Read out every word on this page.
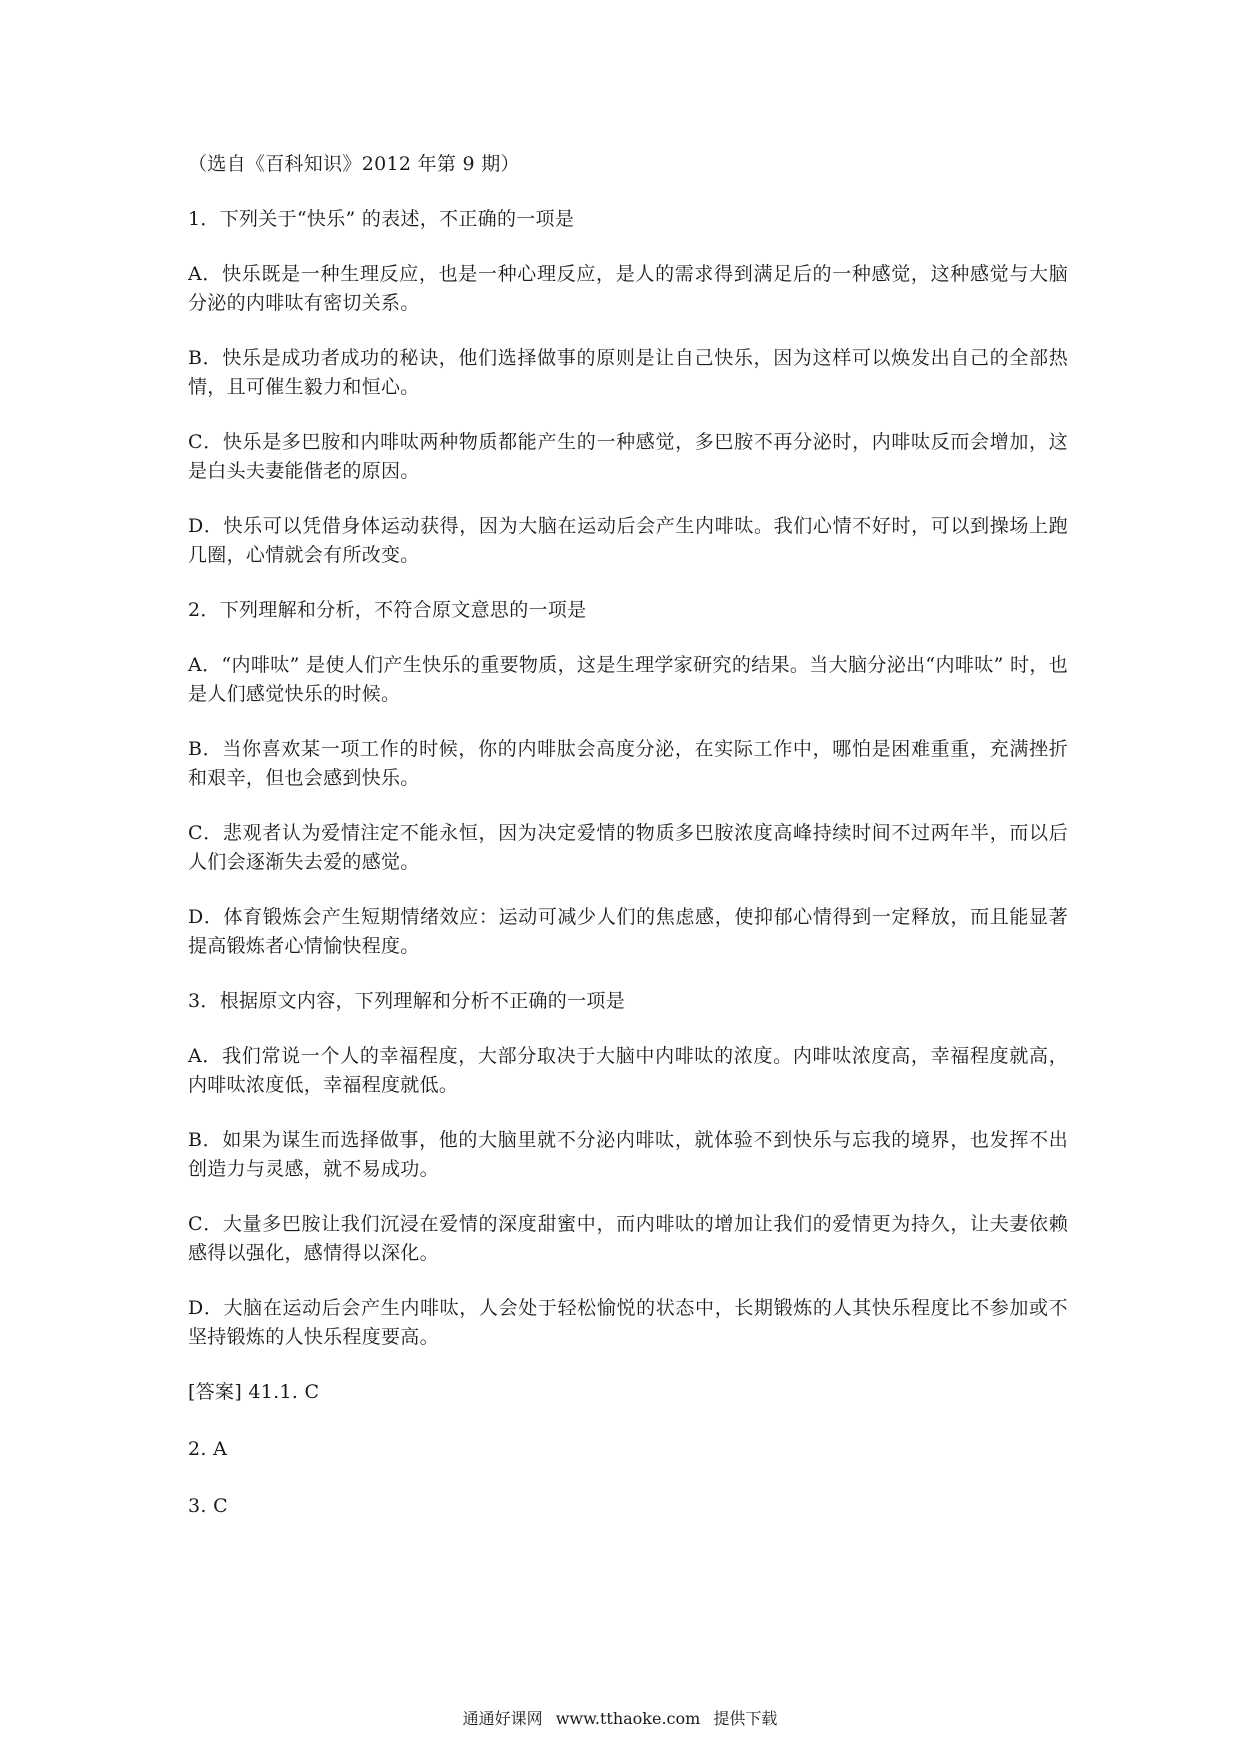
（选自《百科知识》2012 年第 9 期）

1．下列关于“快乐” 的表述，不正确的一项是

A．快乐既是一种生理反应，也是一种心理反应，是人的需求得到满足后的一种感觉，这种感觉与大脑分泌的内啡呔有密切关系。

B．快乐是成功者成功的秘诀，他们选择做事的原则是让自己快乐，因为这样可以焕发出自己的全部热情，且可催生毅力和恒心。

C．快乐是多巴胺和内啡呔两种物质都能产生的一种感觉，多巴胺不再分泌时，内啡呔反而会增加，这是白头夫妻能偕老的原因。

D．快乐可以凭借身体运动获得，因为大脑在运动后会产生内啡呔。我们心情不好时，可以到操场上跑几圈，心情就会有所改变。

2．下列理解和分析，不符合原文意思的一项是

A．“内啡呔” 是使人们产生快乐的重要物质，这是生理学家研究的结果。当大脑分泌出“内啡呔” 时，也是人们感觉快乐的时候。

B．当你喜欢某一项工作的时候，你的内啡肽会高度分泌，在实际工作中，哪怕是困难重重，充满挫折和艰辛，但也会感到快乐。

C．悲观者认为爱情注定不能永恒，因为决定爱情的物质多巴胺浓度高峰持续时间不过两年半，而以后人们会逐渐失去爱的感觉。

D．体育锻炼会产生短期情绪效应：运动可减少人们的焦虑感，使抑郁心情得到一定释放，而且能显著提高锻炼者心情愉快程度。

3．根据原文内容，下列理解和分析不正确的一项是

A．我们常说一个人的幸福程度，大部分取决于大脑中内啡呔的浓度。内啡呔浓度高，幸福程度就高，内啡呔浓度低，幸福程度就低。

B．如果为谋生而选择做事，他的大脑里就不分泌内啡呔，就体验不到快乐与忘我的境界，也发挥不出创造力与灵感，就不易成功。

C．大量多巴胺让我们沉浸在爱情的深度甜蜜中，而内啡呔的增加让我们的爱情更为持久，让夫妻依赖感得以强化，感情得以深化。

D．大脑在运动后会产生内啡呔，人会处于轻松愉悦的状态中，长期锻炼的人其快乐程度比不参加或不坚持锻炼的人快乐程度要高。

[答案] 41.1. C

2. A

3. C

通通好课网 www.tthaoke.com 提供下载
